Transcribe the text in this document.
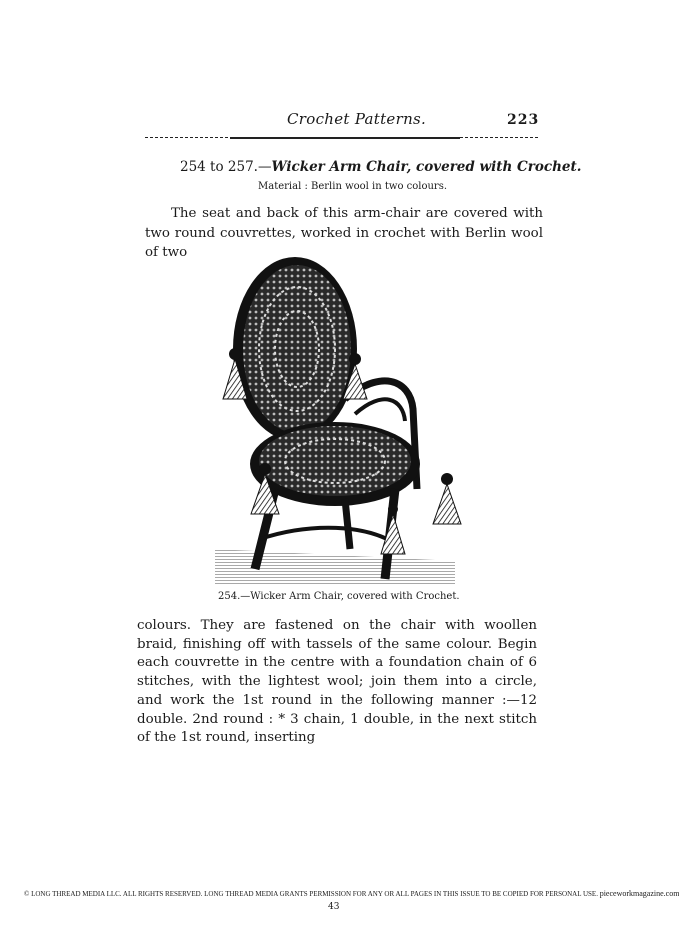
Crochet Patterns.	223
254 to 257.—Wicker Arm Chair, covered with Crochet.
Material : Berlin wool in two colours.
The seat and back of this arm-chair are covered with two round couvrettes, worked in crochet with Berlin wool of two
254.—Wicker Arm Chair, covered with Crochet.
colours. They are fastened on the chair with woollen braid, finishing off with tassels of the same colour. Begin each couvrette in the centre with a foundation chain of 6 stitches, with the lightest wool; join them into a circle, and work the 1st round in the following manner :—12 double. 2nd round : * 3 chain, 1 double, in the next stitch of the 1st round, inserting
© LONG THREAD MEDIA LLC. ALL RIGHTS RESERVED. LONG THREAD MEDIA GRANTS PERMISSION FOR ANY OR ALL PAGES IN THIS ISSUE TO BE COPIED FOR PERSONAL USE. pieceworkmagazine.com
43
